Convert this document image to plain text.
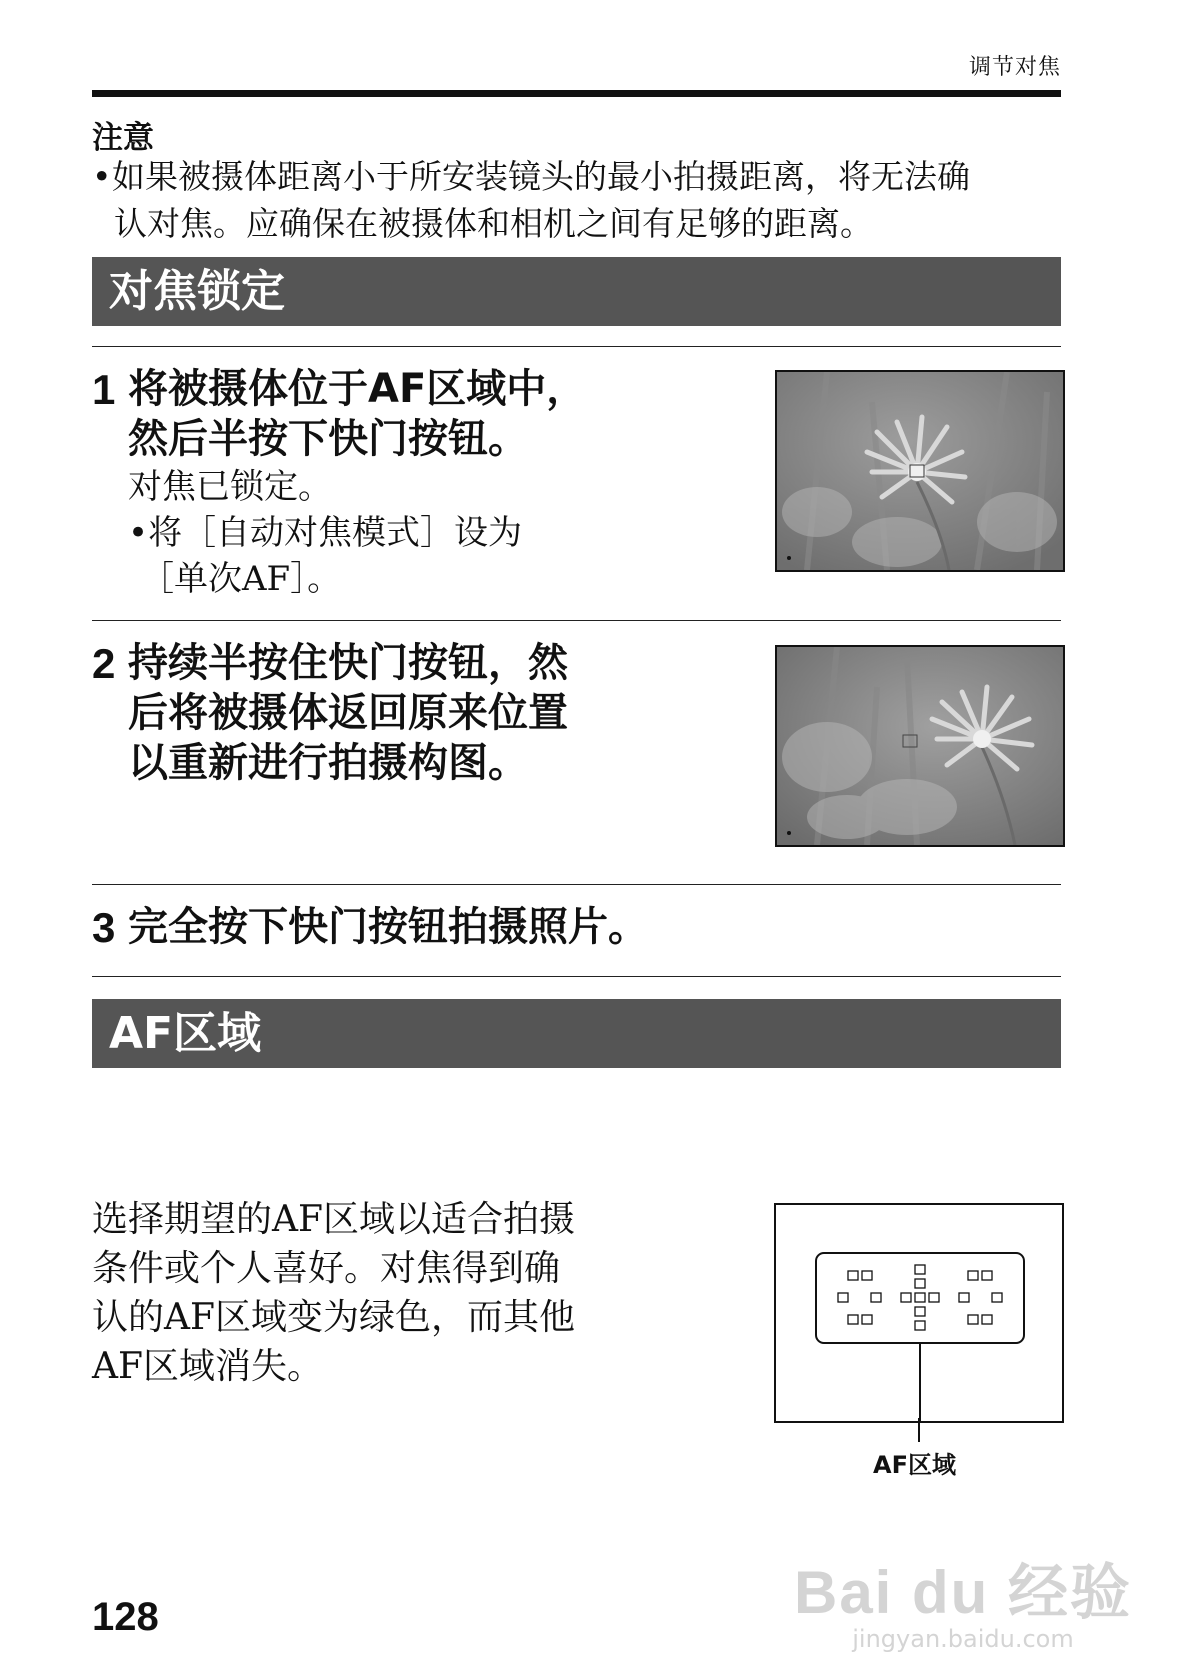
调节对焦
注意
•如果被摄体距离小于所安装镜头的最小拍摄距离，将无法确
认对焦。应确保在被摄体和相机之间有足够的距离。
对焦锁定
1 将被摄体位于AF区域中，
然后半按下快门按钮。
对焦已锁定。
•将［自动对焦模式］设为
［单次AF］。
2 持续半按住快门按钮，然
后将被摄体返回原来位置
以重新进行拍摄构图。
3 完全按下快门按钮拍摄照片。
AF区域
选择期望的AF区域以适合拍摄
条件或个人喜好。对焦得到确
认的AF区域变为绿色，而其他
AF区域消失。
AF区域
128	Bai du 经验
jingyan.baidu.com
